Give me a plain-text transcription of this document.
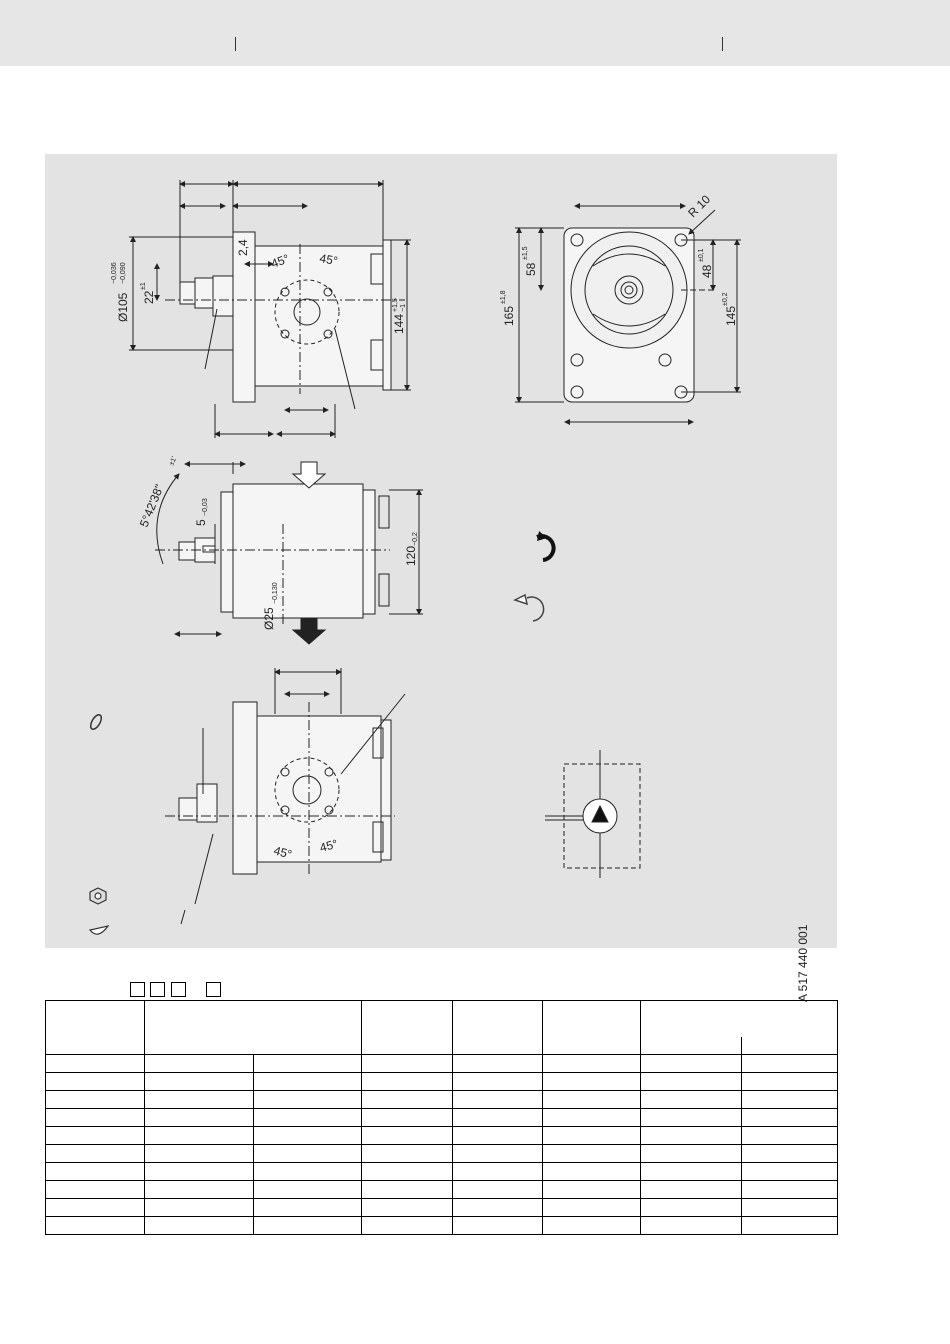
Ø105
−0,036 −0,090
22
±1
2,4
45° 45°
144
+1,5 −1
R 10
165
±1,8
58
±1,5
48
±0,1
145
±0,2
5°42'38"
±1'
5
−0,03
Ø25
−0,130
120
−0,2
45° 45°
A 517 440 001
